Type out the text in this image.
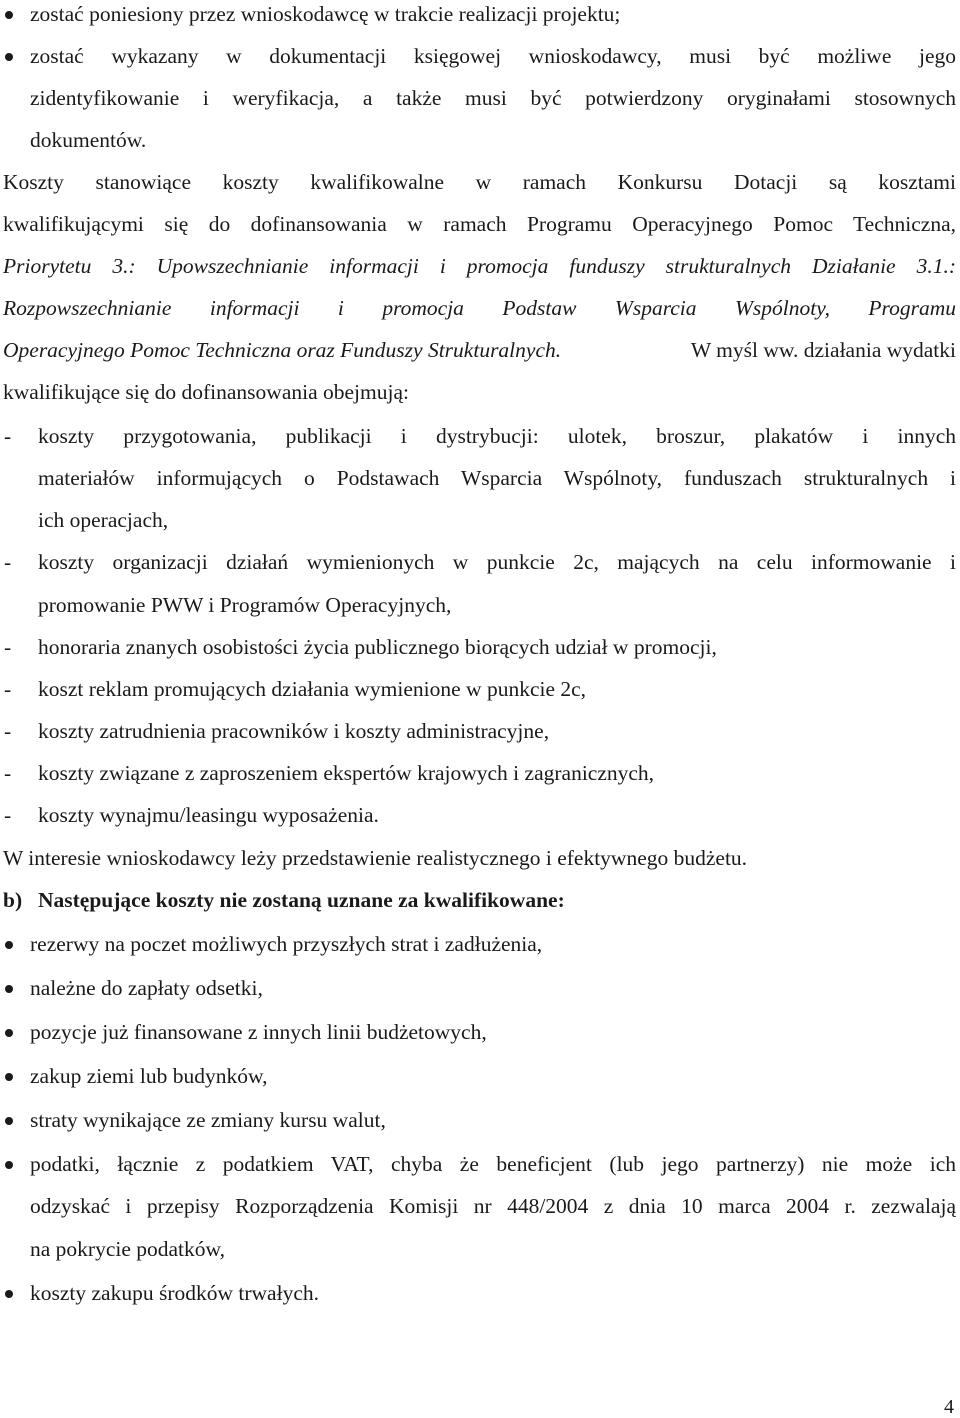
zostać poniesiony przez wnioskodawcę w trakcie realizacji projektu;
zostać wykazany w dokumentacji księgowej wnioskodawcy, musi być możliwe jego
zidentyfikowanie i weryfikacja, a także musi być potwierdzony oryginałami stosownych
dokumentów.
Koszty stanowiące koszty kwalifikowalne w ramach Konkursu Dotacji są kosztami
kwalifikującymi się do dofinansowania w ramach Programu Operacyjnego Pomoc Techniczna,
Priorytetu 3.: Upowszechnianie informacji i promocja funduszy strukturalnych Działanie 3.1.:
Rozpowszechnianie informacji i promocja Podstaw Wsparcia Wspólnoty, Programu
Operacyjnego Pomoc Techniczna oraz Funduszy Strukturalnych.	W myśl ww. działania wydatki
kwalifikujące się do dofinansowania obejmują:
- koszty przygotowania, publikacji i dystrybucji: ulotek, broszur, plakatów i innych
materiałów informujących o Podstawach Wsparcia Wspólnoty, funduszach strukturalnych i
ich operacjach,
- koszty organizacji działań wymienionych w punkcie 2c, mających na celu informowanie i
promowanie PWW i Programów Operacyjnych,
- honoraria znanych osobistości życia publicznego biorących udział w promocji,
- koszt reklam promujących działania wymienione w punkcie 2c,
- koszty zatrudnienia pracowników i koszty administracyjne,
- koszty związane z zaproszeniem ekspertów krajowych i zagranicznych,
- koszty wynajmu/leasingu wyposażenia.
W interesie wnioskodawcy leży przedstawienie realistycznego i efektywnego budżetu.
b) Następujące koszty nie zostaną uznane za kwalifikowane:
rezerwy na poczet możliwych przyszłych strat i zadłużenia,
należne do zapłaty odsetki,
pozycje już finansowane z innych linii budżetowych,
zakup ziemi lub budynków,
straty wynikające ze zmiany kursu walut,
podatki, łącznie z podatkiem VAT, chyba że beneficjent (lub jego partnerzy) nie może ich
odzyskać i przepisy Rozporządzenia Komisji nr 448/2004 z dnia 10 marca 2004 r. zezwalają
na pokrycie podatków,
koszty zakupu środków trwałych.
4
